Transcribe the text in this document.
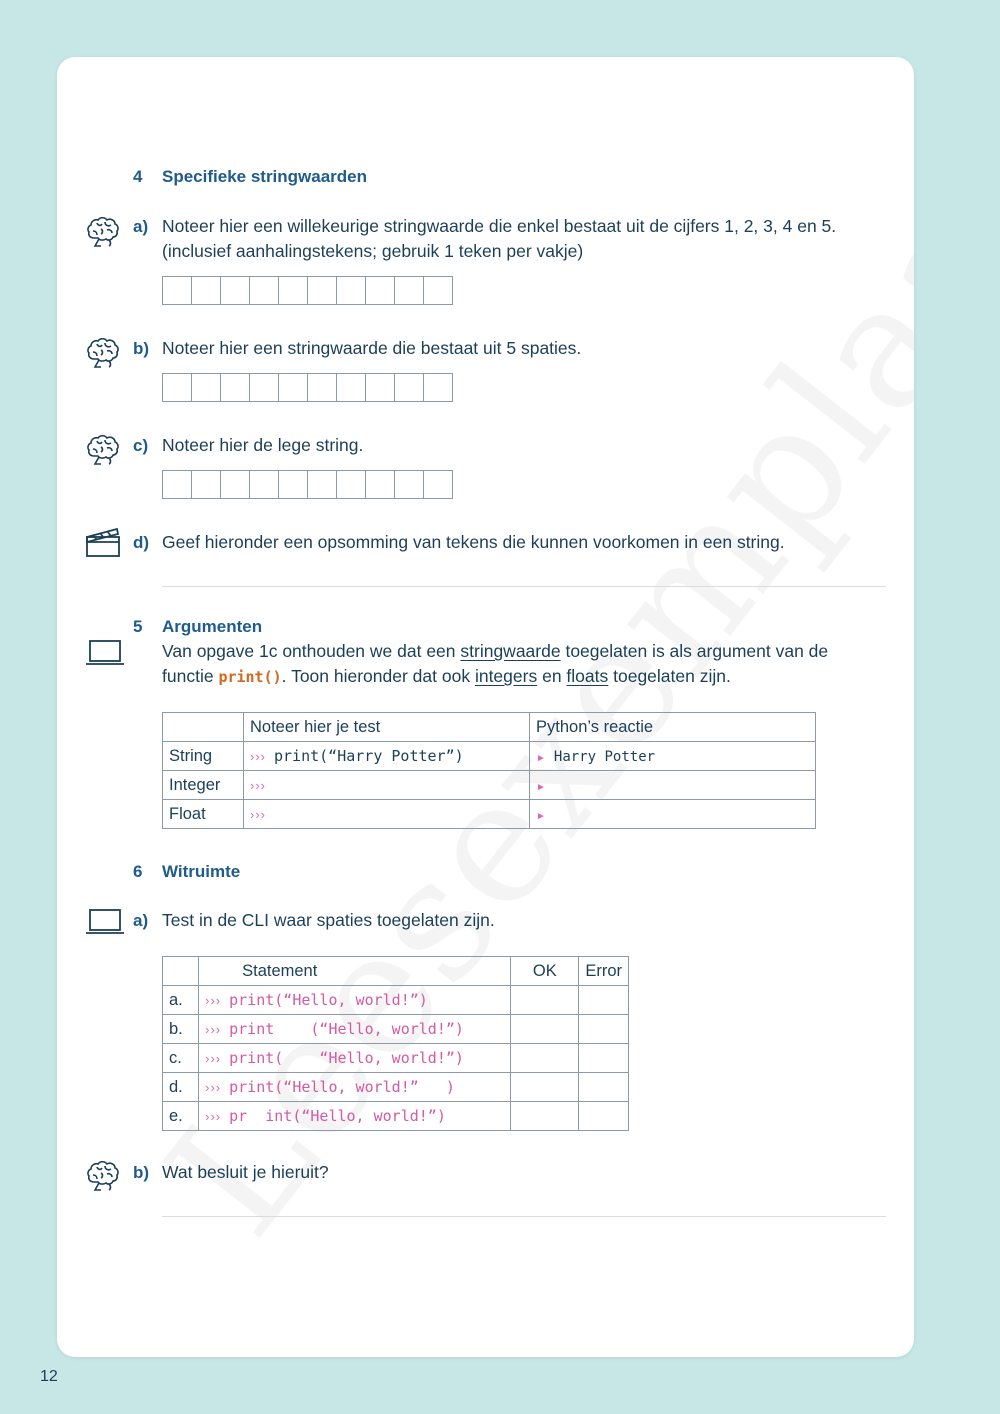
4 Specifieke stringwaarden
a) Noteer hier een willekeurige stringwaarde die enkel bestaat uit de cijfers 1, 2, 3, 4 en 5.
(inclusief aanhalingstekens; gebruik 1 teken per vakje)
b) Noteer hier een stringwaarde die bestaat uit 5 spaties.
c) Noteer hier de lege string.
d) Geef hieronder een opsomming van tekens die kunnen voorkomen in een string.
5 Argumenten
Van opgave 1c onthouden we dat een stringwaarde toegelaten is als argument van de
functie print(). Toon hieronder dat ook integers en floats toegelaten zijn.
	Noteer hier je test	Python’s reactie
String	››› print(“Harry Potter”)	► Harry Potter
Integer	›››	►
Float	›››	►
6 Witruimte
a) Test in de CLI waar spaties toegelaten zijn.
	Statement	OK	Error
a.	››› print(“Hello, world!”)		
b.	››› print    (“Hello, world!”)		
c.	››› print(    “Hello, world!”)		
d.	››› print(“Hello, world!”   )		
e.	››› pr  int(“Hello, world!”)		
b) Wat besluit je hieruit?
12
